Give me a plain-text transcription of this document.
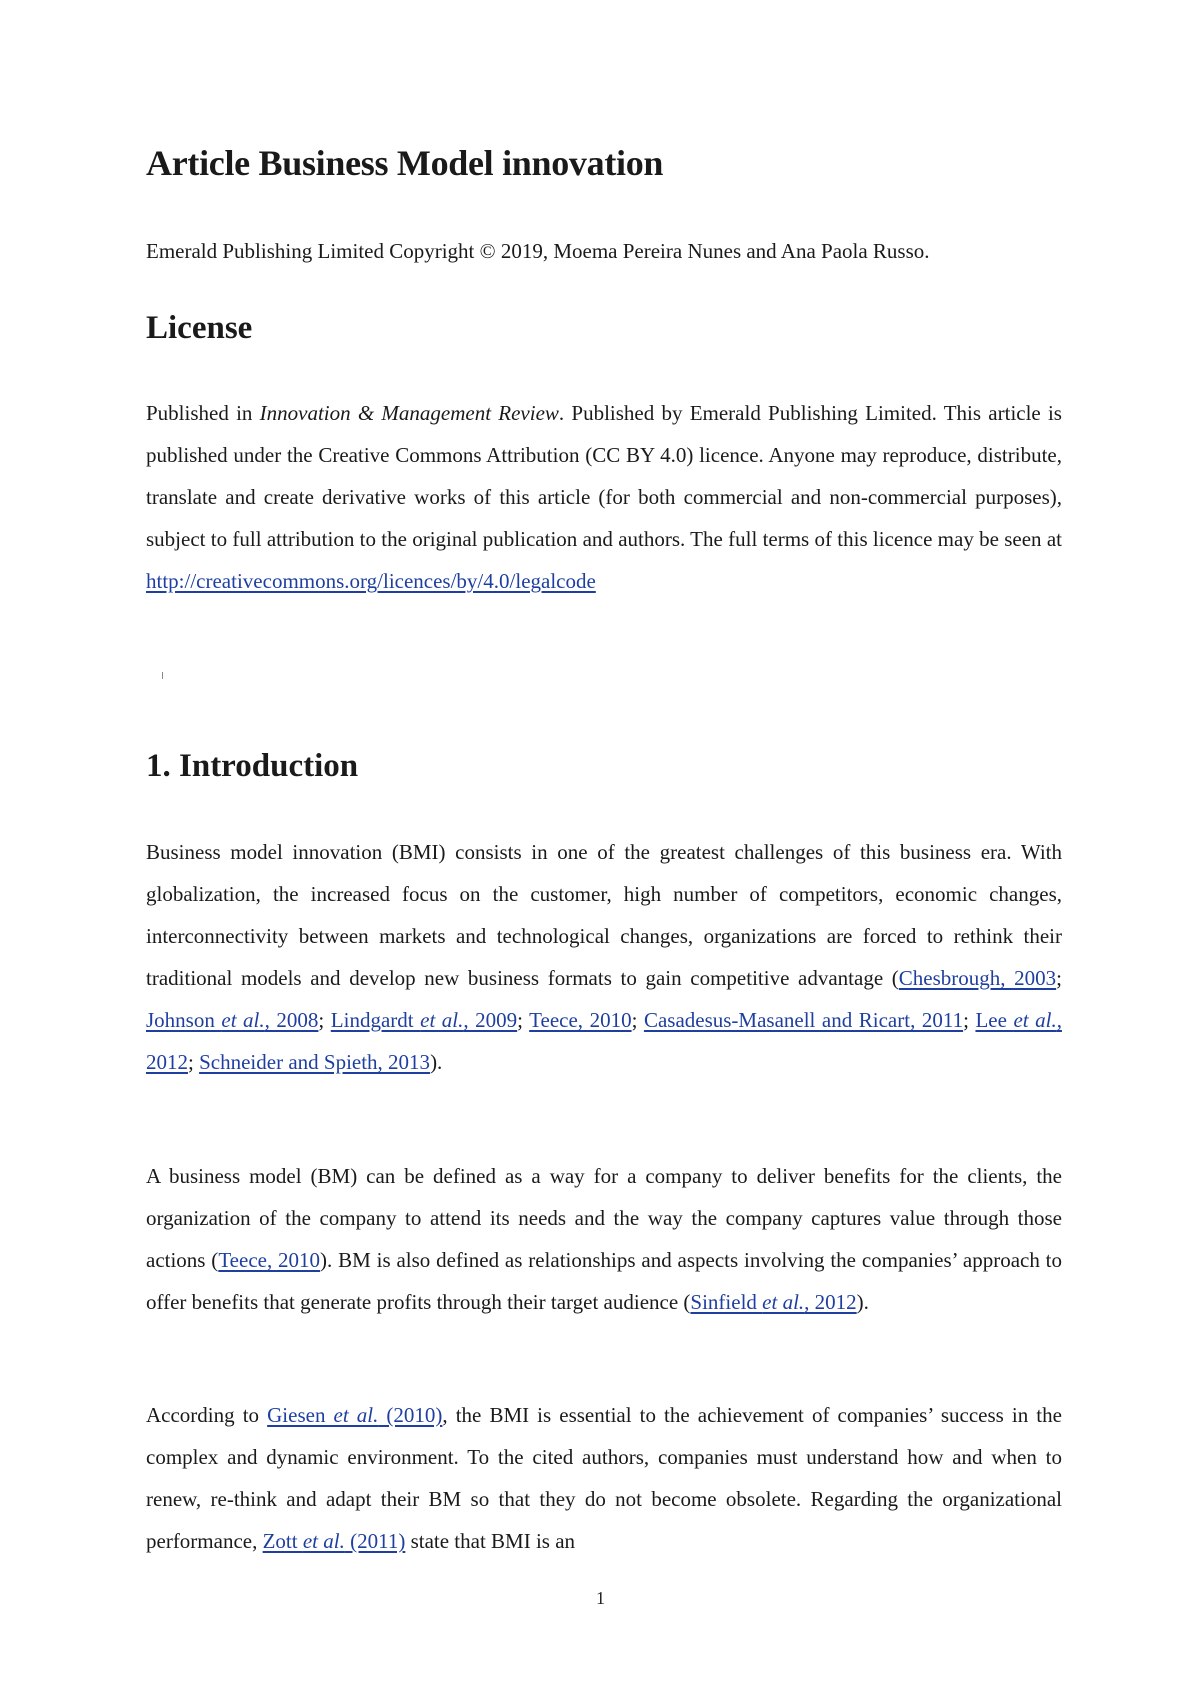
Article Business Model innovation

Emerald Publishing Limited Copyright © 2019, Moema Pereira Nunes and Ana Paola Russo.

License

Published in Innovation & Management Review. Published by Emerald Publishing Limited. This article is published under the Creative Commons Attribution (CC BY 4.0) licence. Anyone may reproduce, distribute, translate and create derivative works of this article (for both commercial and non-commercial purposes), subject to full attribution to the original publication and authors. The full terms of this licence may be seen at http://creativecommons.org/licences/by/4.0/legalcode

1. Introduction

Business model innovation (BMI) consists in one of the greatest challenges of this business era. With globalization, the increased focus on the customer, high number of competitors, economic changes, interconnectivity between markets and technological changes, organizations are forced to rethink their traditional models and develop new business formats to gain competitive advantage (Chesbrough, 2003; Johnson et al., 2008; Lindgardt et al., 2009; Teece, 2010; Casadesus-Masanell and Ricart, 2011; Lee et al., 2012; Schneider and Spieth, 2013).

A business model (BM) can be defined as a way for a company to deliver benefits for the clients, the organization of the company to attend its needs and the way the company captures value through those actions (Teece, 2010). BM is also defined as relationships and aspects involving the companies’ approach to offer benefits that generate profits through their target audience (Sinfield et al., 2012).

According to Giesen et al. (2010), the BMI is essential to the achievement of companies’ success in the complex and dynamic environment. To the cited authors, companies must understand how and when to renew, re-think and adapt their BM so that they do not become obsolete. Regarding the organizational performance, Zott et al. (2011) state that BMI is an

1
